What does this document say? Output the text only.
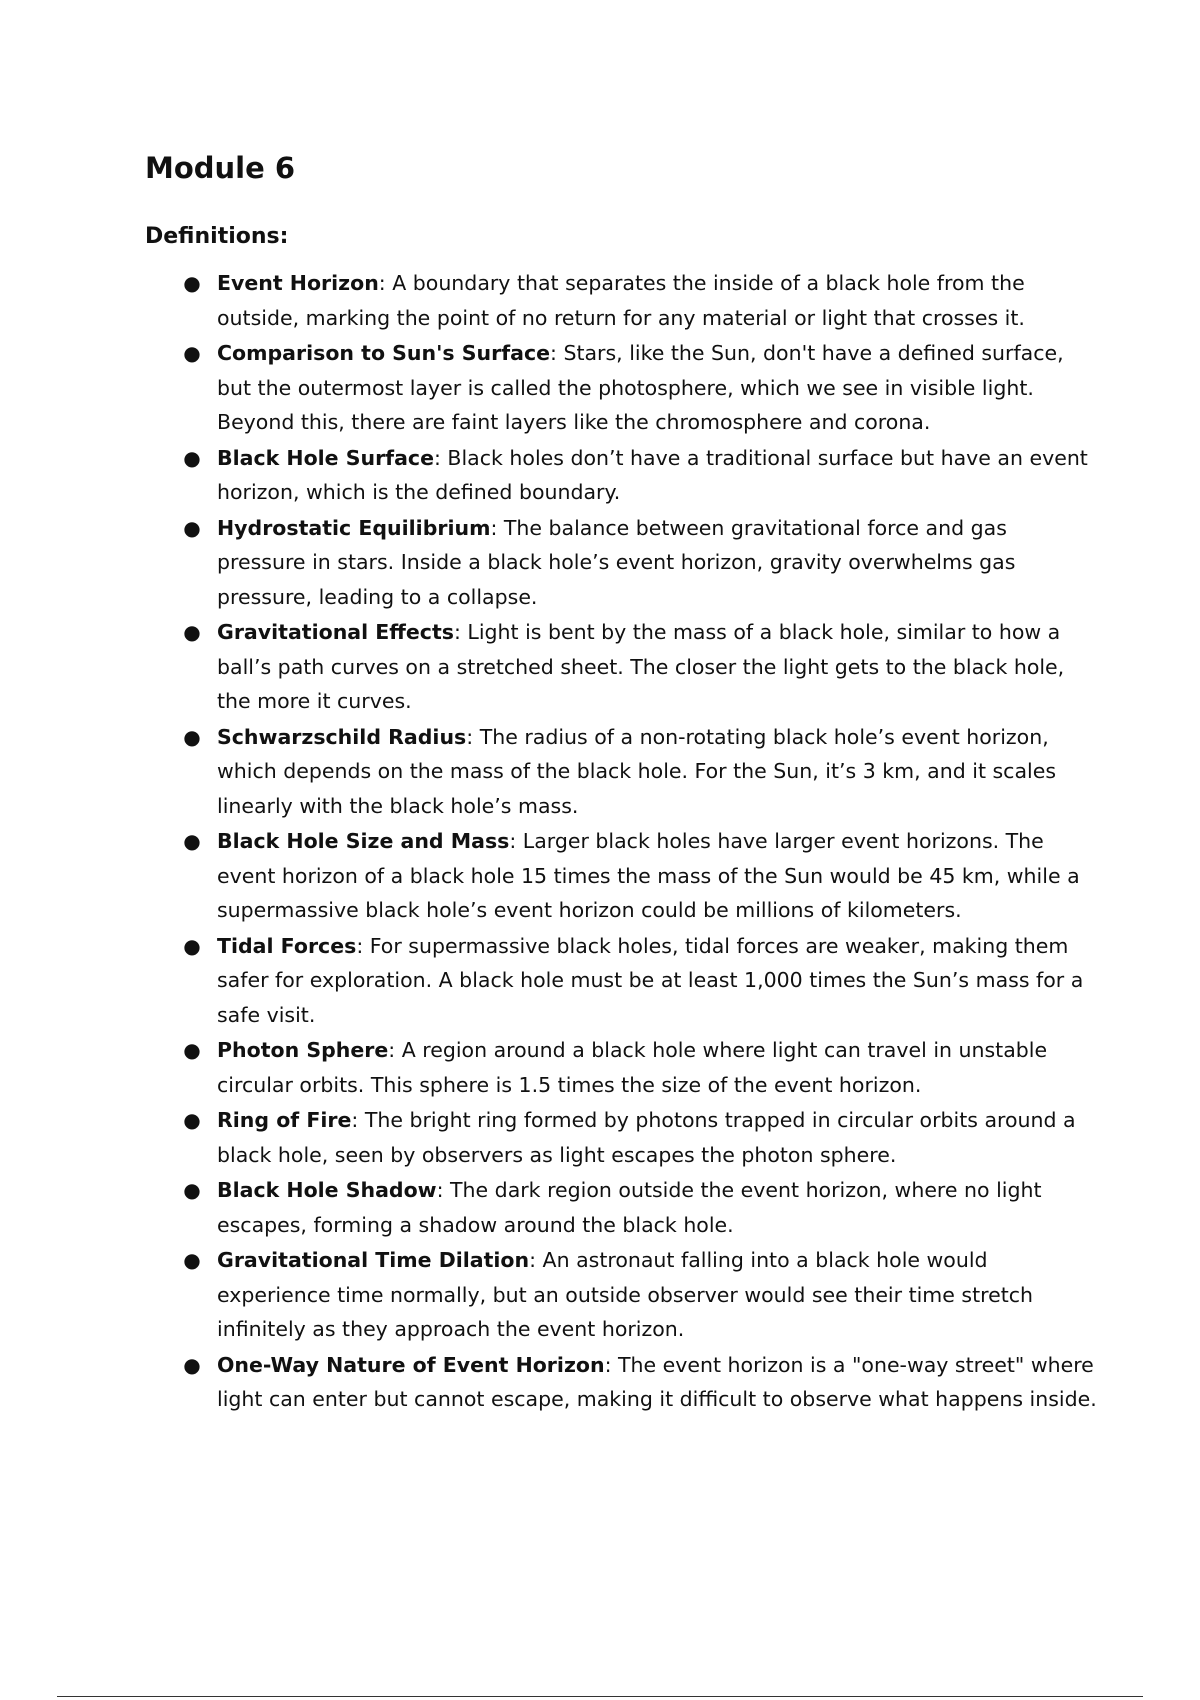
Module 6
Definitions:
● Event Horizon: A boundary that separates the inside of a black hole from the outside, marking the point of no return for any material or light that crosses it.
● Comparison to Sun's Surface: Stars, like the Sun, don't have a defined surface, but the outermost layer is called the photosphere, which we see in visible light. Beyond this, there are faint layers like the chromosphere and corona.
● Black Hole Surface: Black holes don’t have a traditional surface but have an event horizon, which is the defined boundary.
● Hydrostatic Equilibrium: The balance between gravitational force and gas pressure in stars. Inside a black hole’s event horizon, gravity overwhelms gas pressure, leading to a collapse.
● Gravitational Effects: Light is bent by the mass of a black hole, similar to how a ball’s path curves on a stretched sheet. The closer the light gets to the black hole, the more it curves.
● Schwarzschild Radius: The radius of a non-rotating black hole’s event horizon, which depends on the mass of the black hole. For the Sun, it’s 3 km, and it scales linearly with the black hole’s mass.
● Black Hole Size and Mass: Larger black holes have larger event horizons. The event horizon of a black hole 15 times the mass of the Sun would be 45 km, while a supermassive black hole’s event horizon could be millions of kilometers.
● Tidal Forces: For supermassive black holes, tidal forces are weaker, making them safer for exploration. A black hole must be at least 1,000 times the Sun’s mass for a safe visit.
● Photon Sphere: A region around a black hole where light can travel in unstable circular orbits. This sphere is 1.5 times the size of the event horizon.
● Ring of Fire: The bright ring formed by photons trapped in circular orbits around a black hole, seen by observers as light escapes the photon sphere.
● Black Hole Shadow: The dark region outside the event horizon, where no light escapes, forming a shadow around the black hole.
● Gravitational Time Dilation: An astronaut falling into a black hole would experience time normally, but an outside observer would see their time stretch infinitely as they approach the event horizon.
● One-Way Nature of Event Horizon: The event horizon is a "one-way street" where light can enter but cannot escape, making it difficult to observe what happens inside.
